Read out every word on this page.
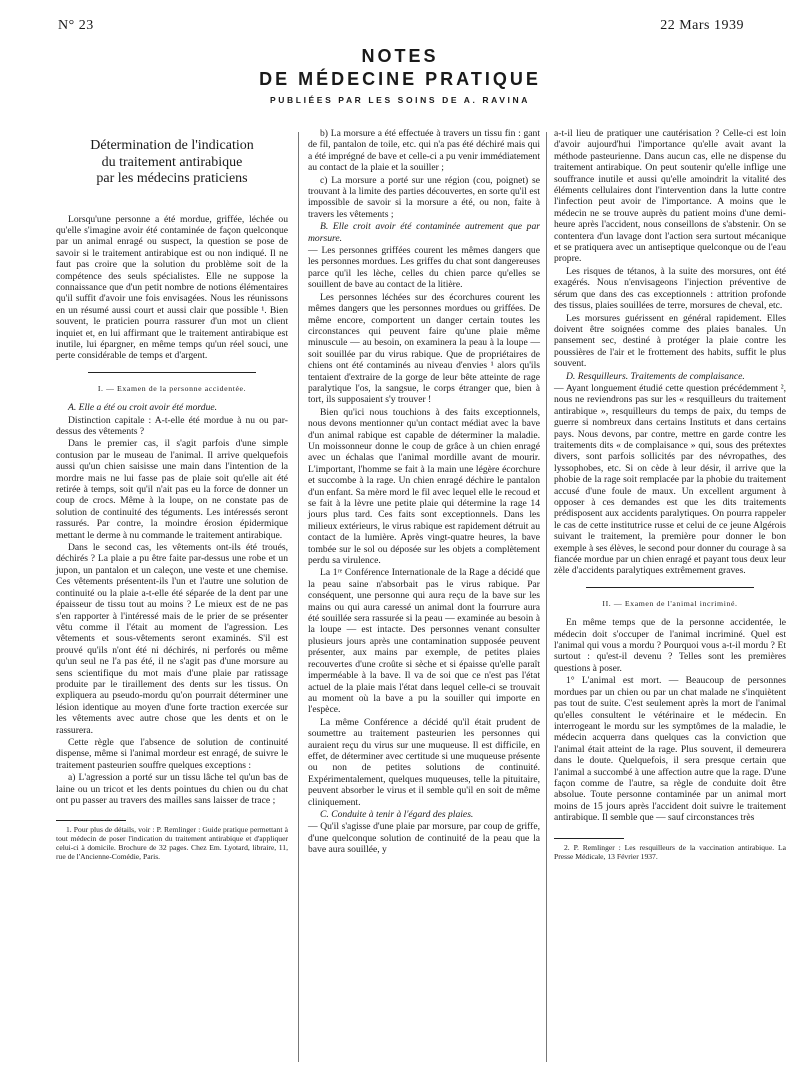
N° 23	22 Mars 1939
NOTES
DE MÉDECINE PRATIQUE
PUBLIÉES PAR LES SOINS DE A. RAVINA
Détermination de l'indication
du traitement antirabique
par les médecins praticiens

Lorsqu'une personne a été mordue, griffée, léchée ou qu'elle s'imagine avoir été contaminée de façon quelconque par un animal enragé ou suspect, la question se pose de savoir si le traitement antirabique est ou non indiqué. Il ne faut pas croire que la solution du problème soit de la compétence des seuls spécialistes. Elle ne suppose la connaissance que d'un petit nombre de notions élémentaires qu'il suffit d'avoir une fois envisagées. Nous les réunissons en un résumé aussi court et aussi clair que possible ¹. Bien souvent, le praticien pourra rassurer d'un mot un client inquiet et, en lui affirmant que le traitement antirabique est inutile, lui épargner, en même temps qu'un réel souci, une perte considérable de temps et d'argent.

I. — Examen de la personne accidentée.

A. Elle a été ou croit avoir été mordue.

Distinction capitale : A-t-elle été mordue à nu ou par-dessus des vêtements ?

Dans le premier cas, il s'agit parfois d'une simple contusion par le museau de l'animal. Il arrive quelquefois aussi qu'un chien saisisse une main dans l'intention de la mordre mais ne lui fasse pas de plaie soit qu'elle ait été retirée à temps, soit qu'il n'ait pas eu la force de donner un coup de crocs. Même à la loupe, on ne constate pas de solution de continuité des téguments. Les intéressés seront rassurés. Par contre, la moindre érosion épidermique mettant le derme à nu commande le traitement antirabique.

Dans le second cas, les vêtements ont-ils été troués, déchirés ? La plaie a pu être faite par-dessus une robe et un jupon, un pantalon et un caleçon, une veste et une chemise. Ces vêtements présentent-ils l'un et l'autre une solution de continuité ou la plaie a-t-elle été séparée de la dent par une épaisseur de tissu tout au moins ? Le mieux est de ne pas s'en rapporter à l'intéressé mais de le prier de se présenter vêtu comme il l'était au moment de l'agression. Les vêtements et sous-vêtements seront examinés. S'il est prouvé qu'ils n'ont été ni déchirés, ni perforés ou même qu'un seul ne l'a pas été, il ne s'agit pas d'une morsure au sens scientifique du mot mais d'une plaie par ratissage produite par le tiraillement des dents sur les tissus. On expliquera au pseudo-mordu qu'on pourrait déterminer une lésion identique au moyen d'une forte traction exercée sur les vêtements avec autre chose que les dents et on le rassurera.

Cette règle que l'absence de solution de continuité dispense, même si l'animal mordeur est enragé, de suivre le traitement pasteurien souffre quelques exceptions :

a) L'agression a porté sur un tissu lâche tel qu'un bas de laine ou un tricot et les dents pointues du chien ou du chat ont pu passer au travers des mailles sans laisser de trace ;

1. Pour plus de détails, voir : P. Remlinger : Guide pratique permettant à tout médecin de poser l'indication du traitement antirabique et d'appliquer celui-ci à domicile. Brochure de 32 pages. Chez Em. Lyotard, libraire, 11, rue de l'Ancienne-Comédie, Paris.

b) La morsure a été effectuée à travers un tissu fin : gant de fil, pantalon de toile, etc. qui n'a pas été déchiré mais qui a été imprégné de bave et celle-ci a pu venir immédiatement au contact de la plaie et la souiller ;

c) La morsure a porté sur une région (cou, poignet) se trouvant à la limite des parties découvertes, en sorte qu'il est impossible de savoir si la morsure a été, ou non, faite à travers les vêtements ;

B. Elle croit avoir été contaminée autrement que par morsure.

— Les personnes griffées courent les mêmes dangers que les personnes mordues. Les griffes du chat sont dangereuses parce qu'il les lèche, celles du chien parce qu'elles se souillent de bave au contact de la litière.

Les personnes léchées sur des écorchures courent les mêmes dangers que les personnes mordues ou griffées. De même encore, comportent un danger certain toutes les circonstances qui peuvent faire qu'une plaie même minuscule — au besoin, on examinera la peau à la loupe — soit souillée par du virus rabique. Que de propriétaires de chiens ont été contaminés au niveau d'envies ¹ alors qu'ils tentaient d'extraire de la gorge de leur bête atteinte de rage paralytique l'os, la sangsue, le corps étranger que, bien à tort, ils supposaient s'y trouver !

Bien qu'ici nous touchions à des faits exceptionnels, nous devons mentionner qu'un contact médiat avec la bave d'un animal rabique est capable de déterminer la maladie. Un moissonneur donne le coup de grâce à un chien enragé avec un échalas que l'animal mordille avant de mourir. L'important, l'homme se fait à la main une légère écorchure et succombe à la rage. Un chien enragé déchire le pantalon d'un enfant. Sa mère mord le fil avec lequel elle le recoud et se fait à la lèvre une petite plaie qui détermine la rage 14 jours plus tard. Ces faits sont exceptionnels. Dans les milieux extérieurs, le virus rabique est rapidement détruit au contact de la lumière. Après vingt-quatre heures, la bave tombée sur le sol ou déposée sur les objets a complètement perdu sa virulence.

La 1ʳᵉ Conférence Internationale de la Rage a décidé que la peau saine n'absorbait pas le virus rabique. Par conséquent, une personne qui aura reçu de la bave sur les mains ou qui aura caressé un animal dont la fourrure aura été souillée sera rassurée si la peau — examinée au besoin à la loupe — est intacte. Des personnes venant consulter plusieurs jours après une contamination supposée peuvent présenter, aux mains par exemple, de petites plaies recouvertes d'une croûte si sèche et si épaisse qu'elle paraît imperméable à la bave. Il va de soi que ce n'est pas l'état actuel de la plaie mais l'état dans lequel celle-ci se trouvait au moment où la bave a pu la souiller qui importe en l'espèce.

La même Conférence a décidé qu'il était prudent de soumettre au traitement pasteurien les personnes qui auraient reçu du virus sur une muqueuse. Il est difficile, en effet, de déterminer avec certitude si une muqueuse présente ou non de petites solutions de continuité. Expérimentalement, quelques muqueuses, telle la pituitaire, peuvent absorber le virus et il semble qu'il en soit de même cliniquement.

C. Conduite à tenir à l'égard des plaies.

— Qu'il s'agisse d'une plaie par morsure, par coup de griffe, d'une quelconque solution de continuité de la peau que la bave aura souillée, y

a-t-il lieu de pratiquer une cautérisation ? Celle-ci est loin d'avoir aujourd'hui l'importance qu'elle avait avant la méthode pasteurienne. Dans aucun cas, elle ne dispense du traitement antirabique. On peut soutenir qu'elle inflige une souffrance inutile et aussi qu'elle amoindrit la vitalité des éléments cellulaires dont l'intervention dans la lutte contre l'infection peut avoir de l'importance. A moins que le médecin ne se trouve auprès du patient moins d'une demi-heure après l'accident, nous conseillons de s'abstenir. On se contentera d'un lavage dont l'action sera surtout mécanique et se pratiquera avec un antiseptique quelconque ou de l'eau propre.

Les risques de tétanos, à la suite des morsures, ont été exagérés. Nous n'envisageons l'injection préventive de sérum que dans des cas exceptionnels : attrition profonde des tissus, plaies souillées de terre, morsures de cheval, etc.

Les morsures guérissent en général rapidement. Elles doivent être soignées comme des plaies banales. Un pansement sec, destiné à protéger la plaie contre les poussières de l'air et le frottement des habits, suffit le plus souvent.

D. Resquilleurs. Traitements de complaisance.

— Ayant longuement étudié cette question précédemment ², nous ne reviendrons pas sur les « resquilleurs du traitement antirabique », resquilleurs du temps de paix, du temps de guerre si nombreux dans certains Instituts et dans certains pays. Nous devons, par contre, mettre en garde contre les traitements dits « de complaisance » qui, sous des prétextes divers, sont parfois sollicités par des névropathes, des lyssophobes, etc. Si on cède à leur désir, il arrive que la phobie de la rage soit remplacée par la phobie du traitement accusé d'une foule de maux. Un excellent argument à opposer à ces demandes est que les dits traitements prédisposent aux accidents paralytiques. On pourra rappeler le cas de cette institutrice russe et celui de ce jeune Algérois suivant le traitement, la première pour donner le bon exemple à ses élèves, le second pour donner du courage à sa fiancée mordue par un chien enragé et payant tous deux leur zèle d'accidents paralytiques extrêmement graves.

II. — Examen de l'animal incriminé.

En même temps que de la personne accidentée, le médecin doit s'occuper de l'animal incriminé. Quel est l'animal qui vous a mordu ? Pourquoi vous a-t-il mordu ? Et surtout : qu'est-il devenu ? Telles sont les premières questions à poser.

1° L'animal est mort. — Beaucoup de personnes mordues par un chien ou par un chat malade ne s'inquiètent pas tout de suite. C'est seulement après la mort de l'animal qu'elles consultent le vétérinaire et le médecin. En interrogeant le mordu sur les symptômes de la maladie, le médecin acquerra dans quelques cas la conviction que l'animal était atteint de la rage. Plus souvent, il demeurera dans le doute. Quelquefois, il sera presque certain que l'animal a succombé à une affection autre que la rage. D'une façon comme de l'autre, sa règle de conduite doit être absolue. Toute personne contaminée par un animal mort moins de 15 jours après l'accident doit suivre le traitement antirabique. Il semble que — sauf circonstances très

2. P. Remlinger : Les resquilleurs de la vaccination antirabique. La Presse Médicale, 13 Février 1937.
